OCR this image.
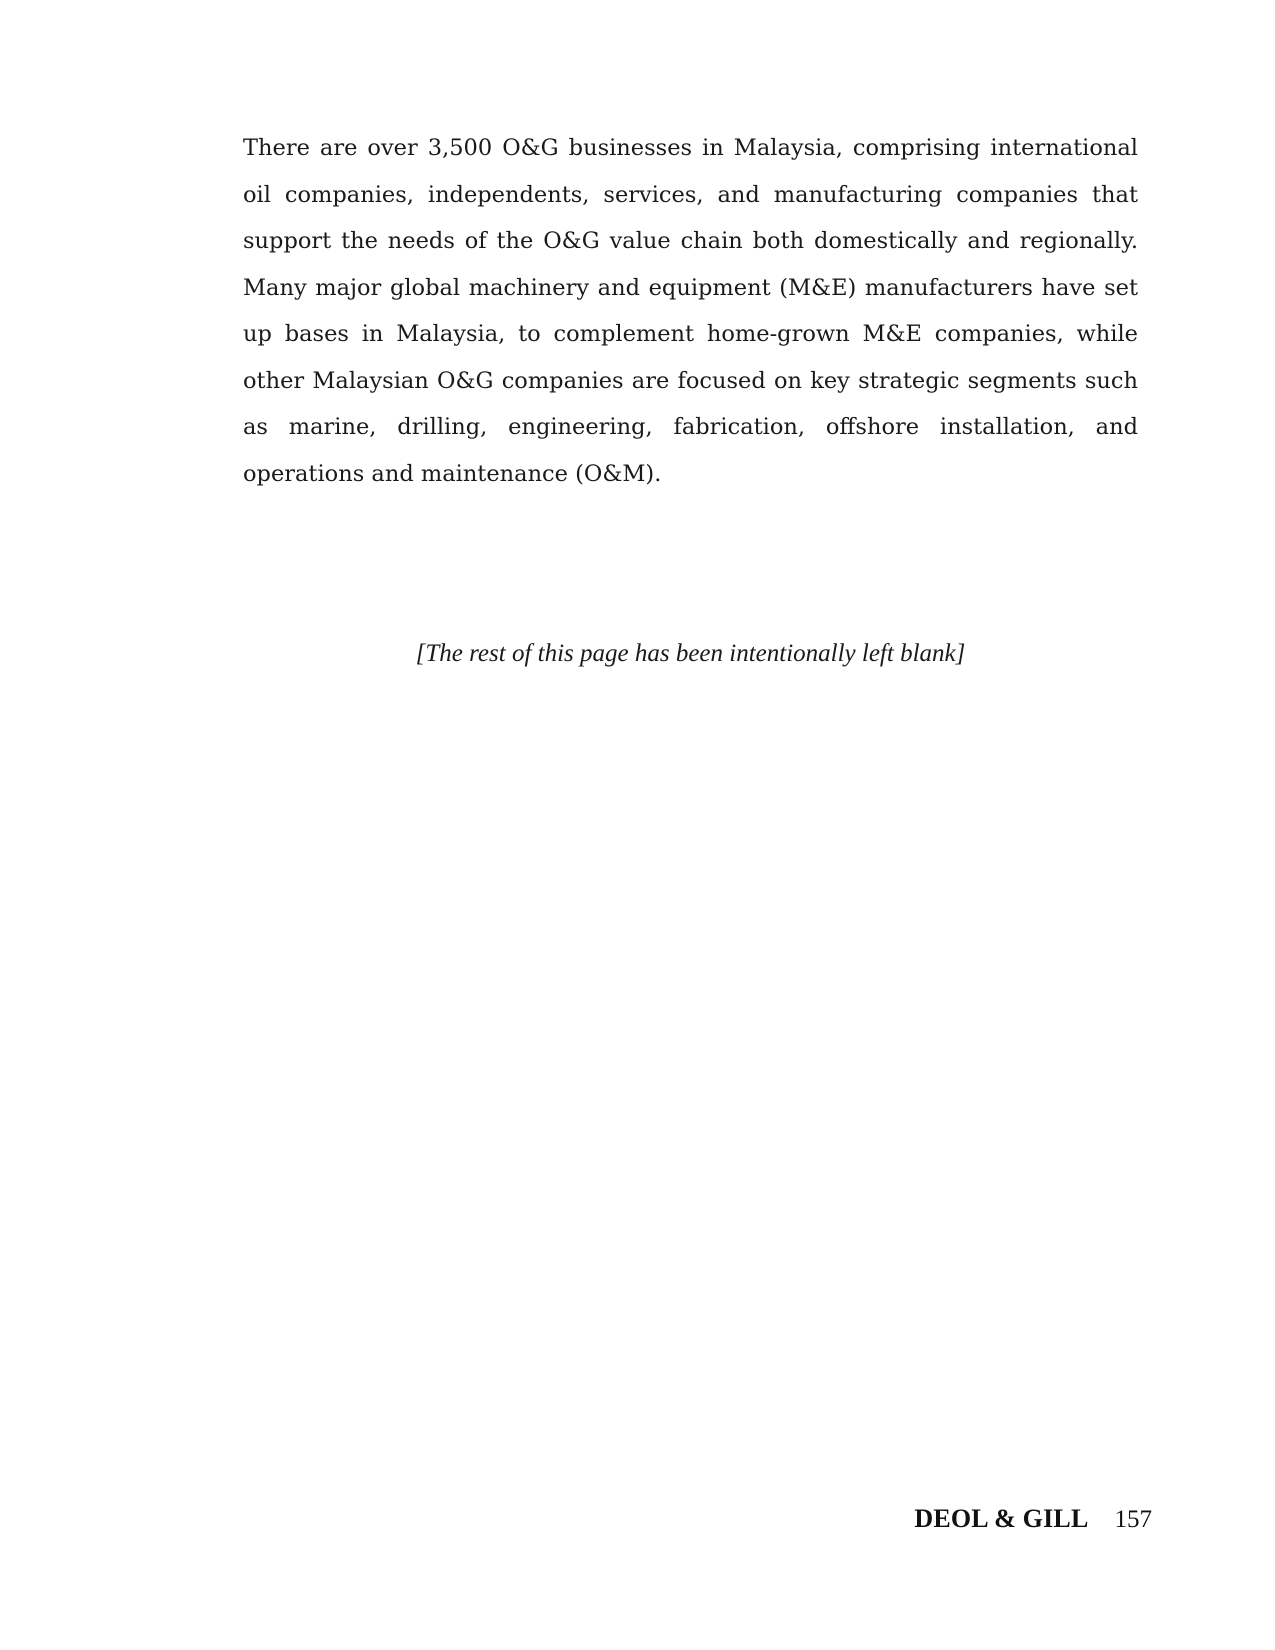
There are over 3,500 O&G businesses in Malaysia, comprising international oil companies, independents, services, and manufacturing companies that support the needs of the O&G value chain both domestically and regionally. Many major global machinery and equipment (M&E) manufacturers have set up bases in Malaysia, to complement home-grown M&E companies, while other Malaysian O&G companies are focused on key strategic segments such as marine, drilling, engineering, fabrication, offshore installation, and operations and maintenance (O&M).

[The rest of this page has been intentionally left blank]

DEOL & GILL 157
